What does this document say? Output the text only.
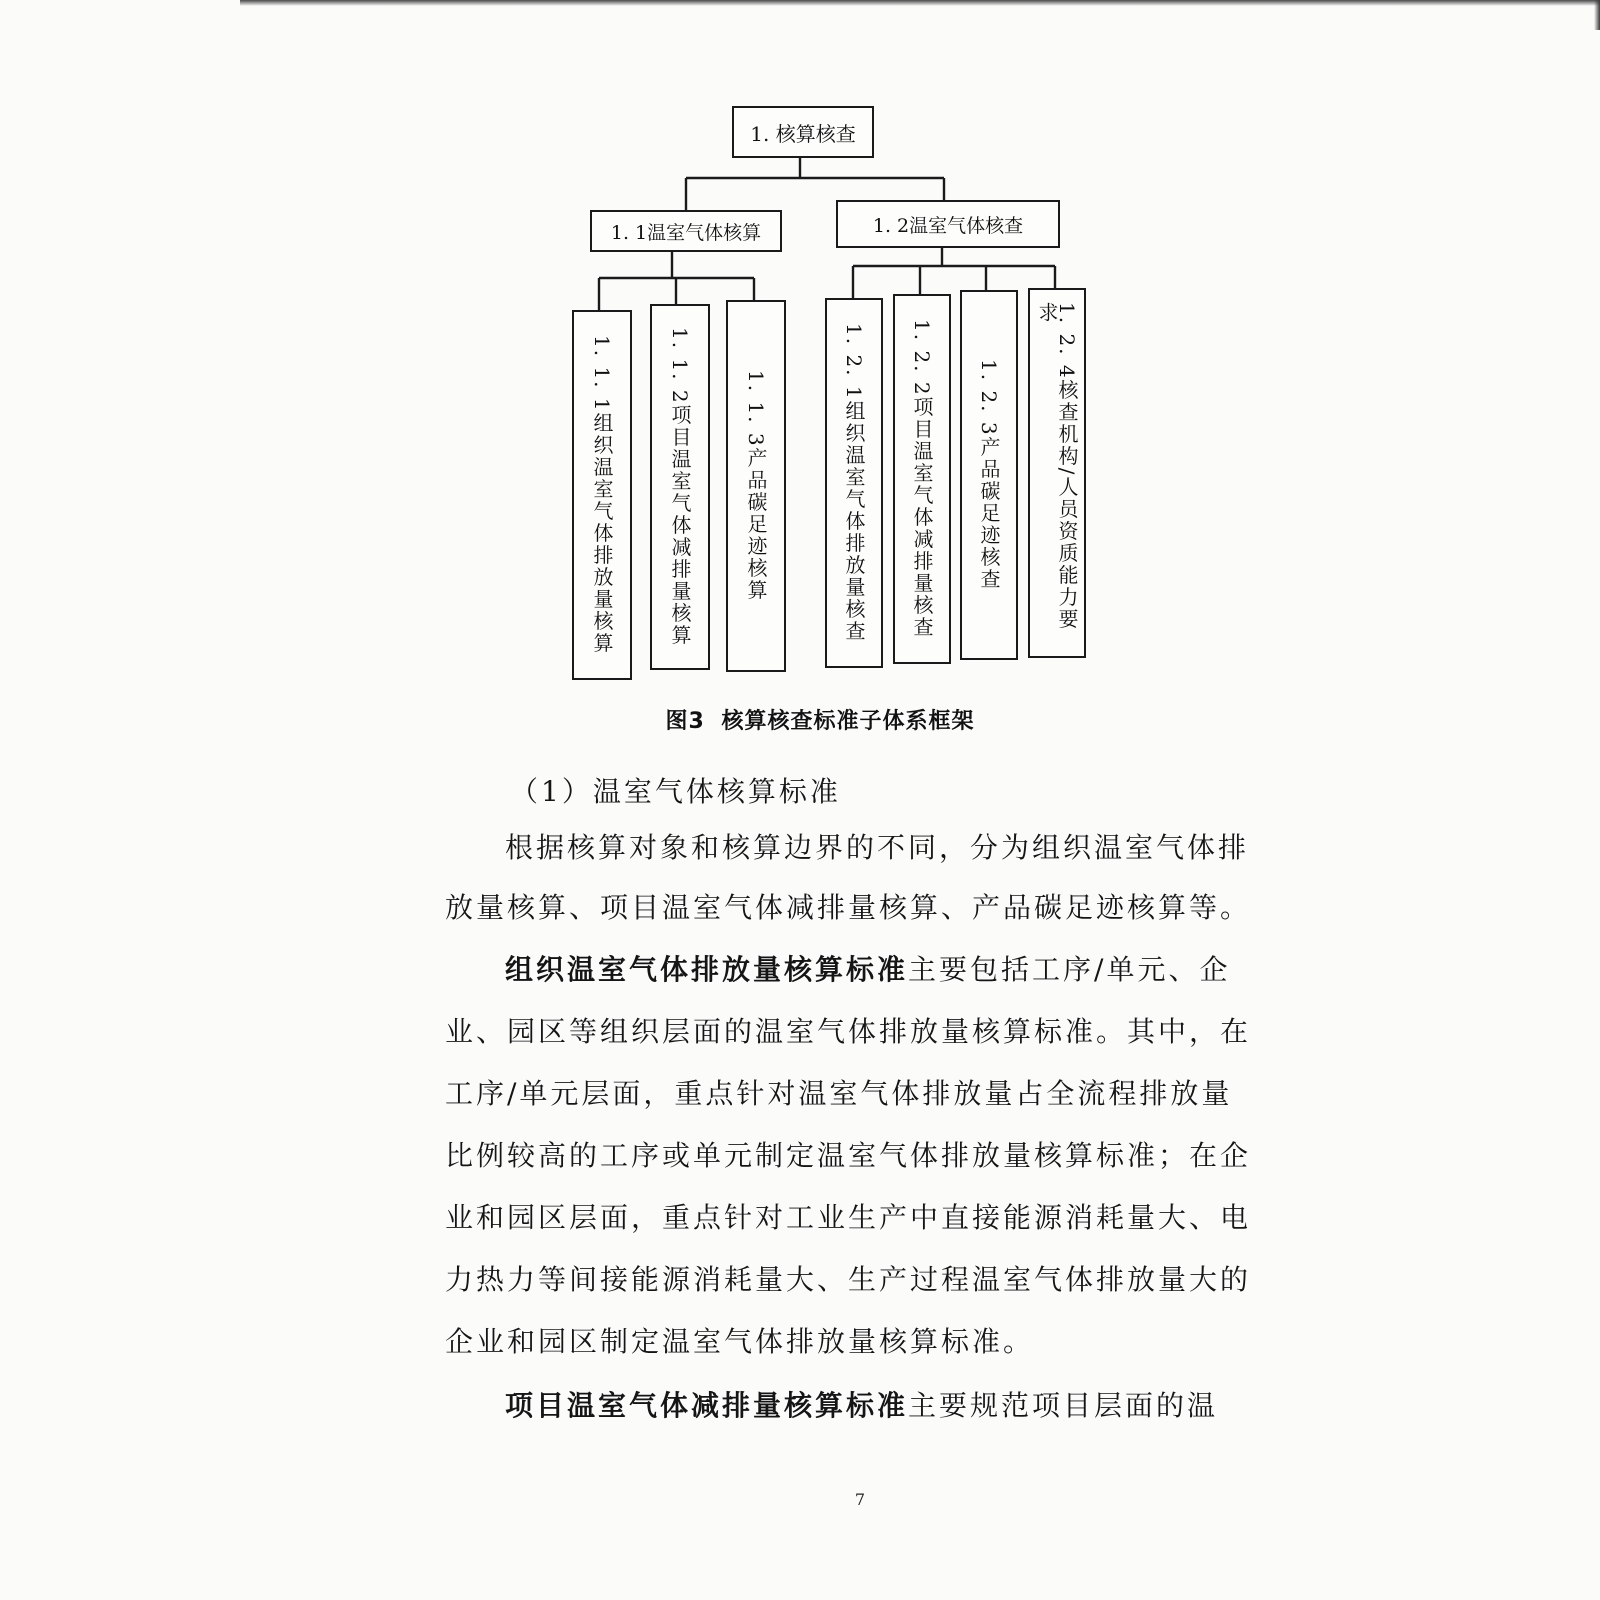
1. 核算核查
1. 1温室气体核算	1. 2温室气体核查
1. 1. 1组织温室气体排放量核算	1. 1. 2项目温室气体减排量核算	1. 1. 3产品碳足迹核算	1. 2. 1组织温室气体排放量核查 1. 2. 2项目温室气体减排量核查 1. 2. 3产品碳足迹核查	1. 2. 4核查机构/人员资质能力要求
图3 核算核查标准子体系框架
（1）温室气体核算标准
根据核算对象和核算边界的不同，分为组织温室气体排
放量核算、项目温室气体减排量核算、产品碳足迹核算等。
组织温室气体排放量核算标准主要包括工序/单元、企
业、园区等组织层面的温室气体排放量核算标准。其中，在
工序/单元层面，重点针对温室气体排放量占全流程排放量
比例较高的工序或单元制定温室气体排放量核算标准；在企
业和园区层面，重点针对工业生产中直接能源消耗量大、电
力热力等间接能源消耗量大、生产过程温室气体排放量大的
企业和园区制定温室气体排放量核算标准。
项目温室气体减排量核算标准主要规范项目层面的温
7
